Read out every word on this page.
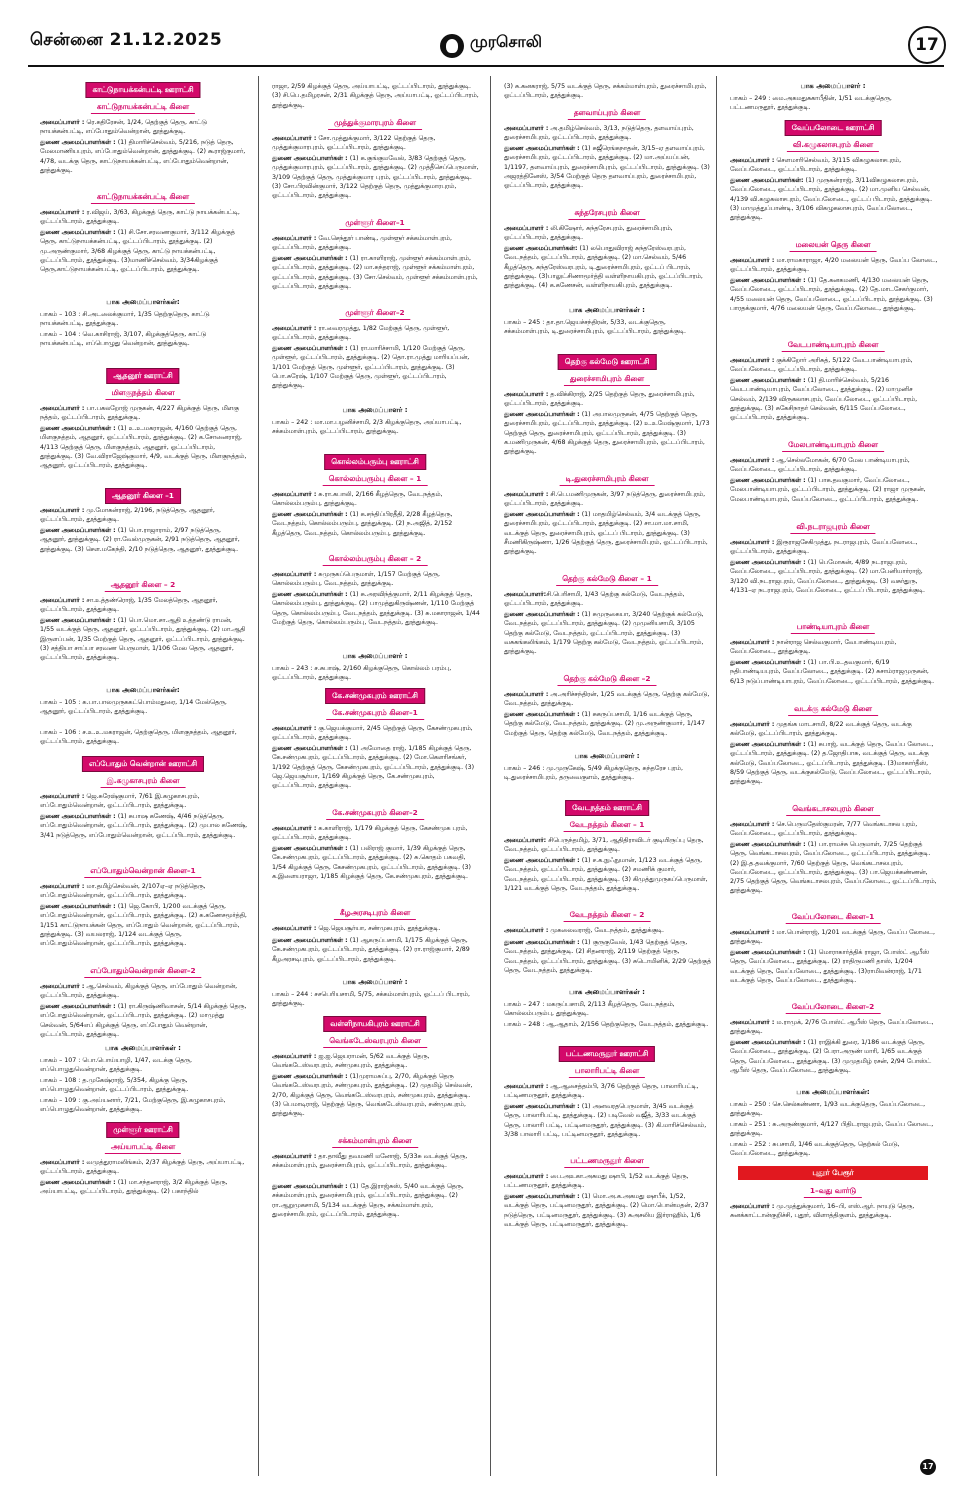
சென்னை 21.12.2025	முரசொலி	17
காட்டுநாயக்கன்பட்டி ஊராட்சி
காட்டுநாயக்கன்பட்டி கிளை
அமைப்பாளர் : ரெ.கதிரேசன், 1/24, தெற்குத் தெரு, காட்டு நாயக்கன்பட்டி, எப்போதும்வென்றான், தூத்துக்குடி.
துணை அமைப்பாளர்கள் : (1) திமாரிச்செல்வம், 5/216, நடுத் தெரு, மேலமாணியபுரம், எப்போதும்வென்றான், தூத்துக்குடி. (2) கூராஜ்குமார், 4/78, வடக்கு தெரு, காட்டுநாயக்கன்பட்டி, எப்போதும்வென்றான், தூத்துக்குடி.
காட்டுநாயக்கன்பட்டி கிளை
அமைப்பாளர் : ர.விஜய், 3/63, கிழக்குத் தெரு, காட்டு நாயக்கன்பட்டி, ஓட்டப்பிடாரம், தூத்துக்குடி.
துணை அமைப்பாளர்கள் : (1) சி.சோ.சரவணகுமார், 3/112 கிழக்குத் தெரு, காட்டுநாயக்கன்பட்டி, ஓட்டப்பிடாரம், தூத்துக்குடி. (2) மு.அருண்குமார், 3/68 கிழக்குத் தெரு, காட்டு நாயக்கன்பட்டி, ஓட்டப்பிடாரம், தூத்துக்குடி. (3)மாணிச்செல்வம், 3/34கிழக்குத் தெரு,காட்டுநாயக்கன்பட்டி, ஓட்டப்பிடாரம், தூத்துக்குடி.
பாக அமைப்பாளர்கள்:
பாகம் – 103 : சி.அடலைக்குமார், 1/35 தெற்குதெரு, காட்டு நாயக்கன்பட்டி, தூத்துக்குடி.
பாகம் – 104 : வெ.காசிராஜ், 3/107, கிழக்குத்தெரு, காட்டு நாயக்கன்பட்டி, எப்பொழுது வென்றான், தூத்துக்குடி.
ஆதனூர் ஊராட்சி
மிளகுநத்தம் கிளை
அமைப்பாளர் : பா.பகலறோஜ் முருகன், 4/227 கிழக்குத் தெரு, மிளகு நத்தம், ஓட்டப்பிடாரம், தூத்துக்குடி.
துணை அமைப்பாளர்கள் : (1) உ.உ.மகராஜன், 4/160 தெற்குத் தெரு, மிளகுநத்தம், ஆதனூர், ஓட்டப்பிடாரம், தூத்துக்குடி. (2) க.சோனைராஜ், 4/113 தெற்குத் தெரு, மிளகுநத்தம், ஆதனூர், ஓட்டப்பிடாரம், தூத்துக்குடி. (3) வே.விராஜேஷ்குமார், 4/9, வடக்குத் தெரு, மிளகுநத்தம், ஆதனூர், ஓட்டப்பிடாரம், தூத்துக்குடி.
ஆதனூர் கிளை –1
அமைப்பாளர் : மு.மோகன்ராஜ், 2/196, நடுத்தெரு, ஆதனூர், ஓட்டப்பிடாரம், தூத்துக்குடி.
துணை அமைப்பாளர்கள் : (1) பொ.ராஜாராம், 2/97 நடுத்தெரு, ஆதனூர், தூத்துக்குடி. (2) ரா.வேல்முருகன், 2/91 நடுத்தெரு, ஆதனூர், தூத்துக்குடி. (3) சௌ.மகேந்தி, 2/10 நடுத்தெரு, ஆதனூர், தூத்துக்குடி.
ஆதனூர் கிளை – 2
அமைப்பாளர் : சா.உத்தண்ரொஜ், 1/35 மேலத்தெரு, ஆதனூர், ஓட்டப்பிடாரம், தூத்துக்குடி.
துணை அமைப்பாளர்கள் : (1) பொ.மொ.சா.ஆதி உத்தண்டு ராமன், 1/55 வடக்குத் தெரு, ஆதனூர், ஓட்டப்பிடாரம், தூத்துக்குடி. (2) மா.ஆதி இருளப்பன், 1/35 மேற்குத் தெரு, ஆதனூர், ஓட்டப்பிடாரம், தூத்துக்குடி. (3) சத்தியா சாப்பா சரவண பெருமாள், 1/106 மேல தெரு, ஆதனூர், ஓட்டப்பிடாரம், தூத்துக்குடி.
பாக அமைப்பாளர்கள்:
பாகம் – 105 : க.பா.பாலமுருககட்பொம்மதுரை, 1/14 மேல்தெரு, ஆதனூர், ஓட்டப்பிடாரம், தூத்துக்குடி.
பாகம் – 106 : ச.உ.உ.மகராஜன், தெற்குதெரு, மிளகுநத்தம், ஆதனூர், ஓட்டப்பிடாரம், தூத்துக்குடி.
எப்போதும் வென்றான் ஊராட்சி
இ.கழுகாசபுரம் கிளை
அமைப்பாளர் : ஜெ.சுரேஷ்குமார், 7/61 இ.கழுகாசபுரம், எப்போதும்வென்றான், ஓட்டப்பிடாரம், தூத்துக்குடி.
துணை அமைப்பாளர்கள் : (1) சுபாஷ கணேஷ், 4/46 நடுத்தெரு, எப்போதும்வென்றான், ஓட்டப்பிடாரம், தூத்துக்குடி. (2) முபால கணேஷ், 3/41 நடுத்தெரு, எப்போதும்வென்றான், ஓட்டப்பிடாரம், தூத்துக்குடி.
எப்போதும்வென்றான் கிளை–1
அமைப்பாளர் : மா.தமிழ்செல்வன், 2/107ஏ–ஏ நடுத்தெரு, எப்போதும்வென்றான், ஓட்டப்பிடாரம், தூத்துக்குடி.
துணை அமைப்பாளர்கள் : (1) ஜெ.கோபி, 1/200 வடக்குத் தெரு, எப்போதும்வென்றான், ஓட்டப்பிடாரம், தூத்துக்குடி. (2) க.கணேசமூர்த்தி, 1/151 காட்டுநாயக்கன் தெரு, எப்போதும் வென்றான், ஓட்டப்பிடாரம், தூத்துக்குடி. (3) வயலராஜ், 1/124 வடக்குத் தெரு, எப்போதும்வென்றான், ஓட்டப்பிடாரம், தூத்துக்குடி.
எப்போதும்வென்றான் கிளை–2
அமைப்பாளர் : ஆ.செல்வம், கிழக்குத் தெரு, எப்போதும் வென்றான், ஓட்டப்பிடாரம், தூத்துக்குடி.
துணை அமைப்பாளர்கள் : (1) ரா.கிருஷ்ணிவாசன், 5/14 கிழக்குத் தெரு, எப்போதும்வென்றான், ஓட்டப்பிடாரம், தூத்துக்குடி. (2) மாமுத்து செல்வன், 5/64எப் கிழக்குத் தெரு, எப்போதும் வென்றான், ஓட்டப்பிடாரம், தூத்துக்குடி.
பாக அமைப்பாளர்கள் :
பாகம் – 107 : பொ.பொய்யாழி, 1/47, வடக்கு தெரு, எப்பொழுதுவென்றான், தூத்துக்குடி.
பாகம் – 108 : த.முகேஷ்ராஜ், 5/354, கிழக்கு தெரு, எப்பொழுதுவென்றான், ஓட்டப்பிடாரம், தூத்துக்குடி.
பாகம் – 109 : கு.அய்யனார், 7/21, மேற்குதெரு, இ.கழுகாசபுரம், எப்பொழுதுவென்றான், தூத்துக்குடி.
முள்ளூர் ஊராட்சி
அய்யாபட்டி கிளை
அமைப்பாளர் : வமுத்துராமலிங்கம், 2/37 கிழக்குத் தெரு, அய்யாபட்டி, ஓட்டப்பிடாரம், தூத்துக்குடி.
துணை அமைப்பாளர்கள் : (1) மா.சந்தனராஜ், 3/2 கிழக்குத் தெரு, அய்யாபட்டி, ஓட்டப்பிடாரம், தூத்துக்குடி. (2) பகாந்தில்
ராஜா, 2/59 கிழக்குத் தெரு, அய்யாபட்டி, ஓட்டப்பிடாரம், தூத்துக்குடி. (3) சி.பெ.தமிழரசன், 2/31 கிழக்குத் தெரு, அய்யாபட்டி, ஓட்டப்பிடாரம், தூத்துக்குடி.
முத்துக்குமாரபுரம் கிளை
அமைப்பாளர் : சோ.முத்துக்குமார், 3/122 தெற்குத் தெரு, முத்துக்குமாரபுரம், ஓட்டப்பிடாரம், தூத்துக்குடி.
துணை அமைப்பாளர்கள் : (1) க.குங்குமவேல், 3/83 தெற்குத் தெரு, முத்துக்குமாரபுரம், ஓட்டப்பிடாரம், தூத்துக்குடி. (2) முத்தீசெப்பெருமாள், 3/109 தெற்குத் தெரு, முத்துக்குமார புரம், ஓட்டப்பிடாரம், தூத்துக்குடி. (3) சோ.பிரவின்குமார், 3/122 தெற்குத் தெரு, முத்துக்குமாரபுரம், ஓட்டப்பிடாரம், தூத்துக்குடி.
முள்ளூர் கிளை–1
அமைப்பாளர் : வே.செந்தூர் பாண்டி, முள்ளூர் சக்கம்மாள்புரம், ஓட்டப்பிடாரம், தூத்துக்குடி.
துணை அமைப்பாளர்கள் : (1) ரா.காளிராஜ், முள்ளூர் சக்கம்மாள்புரம், ஓட்டப்பிடாரம், தூத்துக்குடி. (2) மா.சுந்தராஜ், முள்ளூர் சக்கம்மாள்புரம், ஓட்டப்பிடாரம், தூத்துக்குடி. (3) சோ.செல்வம், முள்ளூர் சக்கம்மாள்புரம், ஓட்டப்பிடாரம், தூத்துக்குடி.
முள்ளூர் கிளை–2
அமைப்பாளர் : ரா.வைரமுத்து, 1/82 மேற்குத் தெரு, முள்ளூர், ஓட்டப்பிடாரம், தூத்துக்குடி.
துணை அமைப்பாளர்கள் : (1) ரா.மாரிச்சாமி, 1/120 மேற்குத் தெரு, முள்ளூர், ஓட்டப்பிடாரம், தூத்துக்குடி. (2) தொ.ரா.முத்து மாரியப்பன், 1/101 மேற்குத் தெரு, முள்ளூர், ஓட்டப்பிடாரம், தூத்துக்குடி. (3) பொ.சுரேஷ், 1/107 மேற்குத் தெரு, முள்ளூர், ஓட்டப்பிடாரம், தூத்துக்குடி.
பாக அமைப்பாளர் :
பாகம் – 242 : மா.மா.பழனிச்சாமி, 2/3 கிழக்குதெரு, அய்யாபட்டி, சக்கம்மாள்புரம், ஓட்டப்பிடாரம், தூத்துக்குடி.
கொல்லம்பரும்பு ஊராட்சி
கொல்லம்பரும்பு கிளை – 1
அமைப்பாளர் : சு.ரா.கபாலி, 2/166 கீழத்தெரு, வேடநத்தம், கொல்லம்பரும்பு, தூத்துக்குடி.
துணை அமைப்பாளர்கள் : (1) க.சந்திப்பிரதீதி, 2/28 கீழத்தெரு, வேடநத்தம், கொல்லம்பரும்பு, தூத்துக்குடி. (2) ந.அஜித், 2/152 கீழத்தெரு, வேடநத்தம், கொல்லம்பரும்பு, தூத்துக்குடி.
கொல்லம்பரும்பு கிளை – 2
அமைப்பாளர் : சுமுருகப்பெருமாள், 1/157 மேற்குத் தெரு, கொல்லம்பரும்பு, வேடநத்தம், தூத்துக்குடி.
துணை அமைப்பாளர்கள் : (1) சு.அரவிந்த்குமார், 2/11 கிழக்குத் தெரு, கொல்லம்பரும்பு, தூத்துக்குடி. (2) பாமுத்துகிருஷ்ணன், 1/110 மேற்குத் தெரு, கொல்லம்பரும்பு, வேடநத்தம், தூத்துக்குடி. (3) சு.மகாராஜன், 1/44 மேற்குத் தெரு, கொல்லம்பரும்பு, வேடநத்தம், தூத்துக்குடி.
பாக அமைப்பாளர் :
பாகம் – 243 : ச.சுபாஷ், 2/160 கிழக்குதெரு, கொல்லம் பரம்பு, ஓட்டப்பிடாரம், தூத்துக்குடி.
கே.சண்முகபுரம் ஊராட்சி
கே.சண்முகபுரம் கிளை–1
அமைப்பாளர் : கு.ஜெயக்குமார், 2/45 தெற்குத் தெரு, கேசண்முகபுரம், ஓட்டப்பிடாரம், தூத்துக்குடி.
துணை அமைப்பாளர்கள் : (1) அமோதை ராஜ், 1/185 கிழக்குத் தெரு, கே.சண்முகபுரம், ஓட்டப்பிடாரம், தூத்துக்குடி. (2) மோ.கௌரிசங்கர், 1/192 தெற்குத் தெரு, கேசண்முகபுரம், ஓட்டப்பிடாரம், தூத்துக்குடி. (3) ஜெ.ஜெயசூர்யா, 1/169 கிழக்குத் தெரு, கே.சண்முகபுரம், ஓட்டப்பிடாரம், தூத்துக்குடி.
கே.சண்முகபுரம் கிளை–2
அமைப்பாளர் : க.காளிராஜ், 1/179 கிழக்குத் தெரு, கேசண்முக புரம், ஓட்டப்பிடாரம், தூத்துக்குடி.
துணை அமைப்பாளர்கள் : (1) பலிராஜ் குமார், 1/39 கிழக்குத் தெரு, கே.சண்முகபுரம், ஓட்டப்பிடாரம், தூத்துக்குடி. (2) சு.கொதம் பகவதி, 1/54 கிழக்குத் தெரு, கேசண்முகபுரம், ஓட்டப்பிடாரம், தூத்துக்குடி. (3) க.இளையராஜா, 1/185 கிழக்குத் தெரு, கே.சண்முகபுரம், தூத்துக்குடி.
கீழஅரசடிபுரம் கிளை
அமைப்பாளர் : ஜெ.ஜெயசூர்யா, சண்முகபுரம், தூத்துக்குடி.
துணை அமைப்பாளர்கள் : (1) ஆகருப்பசாமி, 1/175 கிழக்குத் தெரு, கே.சண்முகபுரம், ஓட்டப்பிடாரம், தூத்துக்குடி. (2) ரா.ராஜ்குமார், 2/89 கீழஅரசடிபுரம், ஓட்டப்பிடாரம், தூத்துக்குடி.
பாக அமைப்பாளர் :
பாகம் – 244 : சசபெரியசாமி, 5/75, சக்கம்மாள்புரம், ஓட்டப் பிடாரம், தூத்துக்குடி.
வள்ளிநாயகிபுரம் ஊராட்சி
வெங்கடேஸ்வரபுரம் கிளை
அமைப்பாளர் : ஐ.ஐ.ஜெயராமன், 5/62 வடக்குத் தெரு, வெங்கடேஸ்வரபுரம், சண்முகபுரம், தூத்துக்குடி.
துணை அமைப்பாளர்கள் : (1)முராமசுப்பு, 2/70, கிழக்குத் தெரு வெங்கடேஸ்வரபுரம், சண்முகபுரம், தூத்துக்குடி. (2) முதமிழ் செல்வன், 2/70, கிழக்குத் தெரு, வெங்கடேஸ்வரபுரம், சண்முகபுரம், தூத்துக்குடி. (3) பெமாடிராஜ், தெற்குத் தெரு, வெங்கடேஸ்வரபுரம், சண்முகபுரம், தூத்துக்குடி.
சக்கம்மாள்புரம் கிளை
அமைப்பாளர் : தா.தாவீது தவமணி மனோஜ், 5/33சு வடக்குத் தெரு, சக்கம்மாள்புரம், துரைச்சாமிபுரம், ஓட்டப்பிடாரம், தூத்துக்குடி.
துணை அமைப்பாளர்கள் : (1) தே.இராஜ்சுஸ், 5/40 வடக்குத் தெரு, சக்கம்மாள்புரம், துரைச்சாமிபுரம், ஓட்டப்பிடாரம், தூத்துக்குடி. (2) ரா.ஆறுமுகசாமி, 5/134 வடக்குத் தெரு, சக்கம்மாள்புரம், துரைச்சாமிபுரம், ஓட்டப்பிடாரம், தூத்துக்குடி.
(3) சு.கனகராஜ், 5/75 வடக்குத் தெரு, சக்கம்மாள்புரம், துரைச்சாமிபுரம், ஓட்டப்பிடாரம், தூத்துக்குடி.
தளவாய்புரம் கிளை
அமைப்பாளர் : அ.தமிழ்செல்வம், 3/13, நடுத்தெரு, தளவாய்புரம், துரைச்சாமிபுரம், ஓட்டப்பிடாரம், தூத்துக்குடி.
துணை அமைப்பாளர்கள் : (1) சுஜீரெங்கநாதன், 3/15–ஏ தளவாய்புரம், துரைச்சாமிபுரம், ஓட்டப்பிடாரம், தூத்துக்குடி. (2) மா.அய்யப்பன், 1/1197, தளவாய்புரம், துரைச்சாமிபுரம், ஓட்டப்பிடாரம், தூத்துக்குடி. (3) அஜரத்தினேஸ், 3/54 மேற்குத் தெரு தளவாய்புரம், துரைச்சாமிபுரம், ஓட்டப்பிடாரம், தூத்துக்குடி.
சுந்தரேசபுரம் கிளை
அமைப்பாளர் : லி.கிஷோர், சுந்தரேசபுரம், துரைச்சாமிபுரம், ஓட்டப்பிடாரம், தூத்துக்குடி.
துணை அமைப்பாளர்கள்: (1) லபொதுவிராஜ் சுந்தரேஸ்வரபுரம், வேடநத்தம், ஓட்டப்பிடாரம், தூத்துக்குடி. (2) மா.செல்வம், 5/46 கீழத்தெரு, சுந்தரேஸ்வரபுரம், டி.துரைச்சாமிபுரம், ஓட்டப் பிடாரம், தூத்துக்குடி. (3)பாலுட்சிணாமூர்த்தி வள்ளிநாயகிபுரம், ஓட்டப்பிடாரம், தூத்துக்குடி. (4) க.கணேசன், வள்ளிநாயகிபுரம், தூத்துக்குடி.
பாக அமைப்பாளர்கள் :
பாகம் – 245 : தா.தா.ஜெயச்சந்திரன், 5/33, வடக்குதெரு, சக்கம்மாள்புரம், டி.துரைச்சாமிபுரம், ஓட்டப்பிடாரம், தூத்துக்குடி.
தெற்கு கல்மேடு ஊராட்சி
துரைச்சாமிபுரம் கிளை
அமைப்பாளர் : த.விக்கிராஜ், 2/25 தெற்குத் தெரு, துரைச்சாமிபுரம், ஓட்டப்பிடாரம், தூத்துக்குடி.
துணை அமைப்பாளர்கள் : (1) அபாலமுருகன், 4/75 தெற்குத் தெரு, துரைச்சாமிபுரம், ஓட்டப்பிடாரம், தூத்துக்குடி. (2) உ.உமேஷ்குமார், 1/73 தெற்குத் தெரு, துரைச்சாமிபுரம், ஓட்டப்பிடாரம், தூத்துக்குடி. (3) க.மணிமுருகன், 4/68 கிழக்குத் தெரு, துரைச்சாமிபுரம், ஓட்டப்பிடாரம், தூத்துக்குடி.
டி.துரைச்சாமிபுரம் கிளை
அமைப்பாளர் : சி.பெ.மணிமுருகன், 3/97 நடுத்தெரு, துரைச்சாமிபுரம், ஓட்டப்பிடாரம், தூத்துக்குடி.
துணை அமைப்பாளர்கள் : (1) மாதமிழ்செல்வம், 3/4 வடக்குத் தெரு, துரைச்சாமிபுரம், ஓட்டப்பிடாரம், தூத்துக்குடி. (2) சா.மா.மா.சாமி, வடக்குத் தெரு, துரைச்சாமிபுரம், ஓட்டப் பிடாரம், தூத்துக்குடி. (3) சீமணிகிருஷ்ணா, 1/26 தெற்குத் தெரு, துரைச்சாமிபுரம், ஓட்டப்பிடாரம், தூத்துக்குடி.
தெற்கு கல்மேடு கிளை – 1
அமைப்பாளர்:சி.பெரிசாமி, 1/43 தெற்கு கல்மேடு, வேடநத்தம், ஓட்டப்பிடாரம், தூத்துக்குடி.
துணை அமைப்பாளர்கள் : (1) சுமுருகையா, 3/240 தெற்குக் கல்மேடு, வேடநத்தம், ஓட்டப்பிடாரம், தூத்துக்குடி. (2) முமுனியசாமி, 3/105 தெற்கு கல்மேடு, வேடநத்தம், ஓட்டப்பிடாரம், தூத்துக்குடி. (3) வசுகங்கலிங்கம், 1/179 தெற்கு கல்மேடு, வேடநத்தம், ஓட்டப்பிடாரம், தூத்துக்குடி.
தெற்கு கல்மேடு கிளை –2
அமைப்பாளர் : அ.அரிச்சந்திரன், 1/25 வடக்குத் தெரு, தெற்கு கல்மேடு, வேடநத்தம், தூத்துக்குடி.
துணை அமைப்பாளர்கள் : (1) சுகருப்பசாமி, 1/16 வடக்குத் தெரு, தெற்கு கல்மேடு, வேடநத்தம், தூத்துக்குடி. (2) மு.அருண்குமார், 1/147 மேற்குத் தெரு, தெற்கு கல்மேடு, வேடநத்தம், தூத்துக்குடி.
பாக அமைப்பாளர் :
பாகம் – 246 : மு.முருகேஷ், 5/49 கிழக்குதெரு, சுந்தரேச புரம், டி.துரைச்சாமிபுரம், தருவைகுளம், தூத்துக்குடி.
வேடநத்தம் ஊராட்சி
வேடநத்தம் கிளை – 1
அமைப்பாளர்: சிபெருந்தமிழ், 3/71, ஆதிதிராவிடர் குடியிருப்பு தெரு, வேடநத்தம், ஓட்டப்பிடாரம், தூத்துக்குடி.
துணை அமைப்பாளர்கள் : (1) ச.க.நுஃநுமான், 1/123 வடக்குத் தெரு, வேடநத்தம், ஓட்டப்பிடாரம், தூத்துக்குடி. (2) சமணிக் குமார், வேடநத்தம், ஓட்டப்பிடாரம், தூத்துக்குடி. (3) கிமுத்துமுருகப்பெருமாள், 1/121 வடக்குத் தெரு, வேடநத்தம், தூத்துக்குடி.
வேடநத்தம் கிளை – 2
அமைப்பாளர் : முகலைவராஜ், வேடநத்தம், தூத்துக்குடி.
துணை அமைப்பாளர்கள் : (1) குருகுவேல், 1/43 தெற்குத் தெரு, வேடநத்தம், தூத்துக்குடி. (2) சிதனராஜ், 2/119 தெற்குத் தெரு, வேடநத்தம், ஓட்டப்பிடாரம், தூத்துக்குடி. (3) சுடொமினிக், 2/29 தெற்குத் தெரு, வேடநத்தம், தூத்துக்குடி.
பாக அமைப்பாளர்கள் :
பாகம் – 247 : மகருப்பசாமி, 2/113 கீழத்தெரு, வேடநத்தம், கொல்லம்பரும்பு, தூத்துக்குடி.
பாகம் – 248 : ஆ.ஆதாம், 2/156 தெற்குதெரு, வேடநத்தம், தூத்துக்குடி.
பட்டணமருதூர் ஊராட்சி
பாலாரிபட்டி கிளை
அமைப்பாளர் : ஆ.ஆசைத்தம்பி, 3/76 தெற்குத் தெரு, பாலாரிபட்டி, பட்டிணமருதூர், தூத்துக்குடி.
துணை அமைப்பாளர்கள் : (1) அனவரதபெருமாள், 3/45 வடக்குத் தெரு, பாலாரிபட்டி, தூத்துக்குடி. (2) படிவேல் வஜீத், 3/33 வடக்குத் தெரு, பாலாரி பட்டி, பட்டினமருதூர், தூத்துக்குடி. (3) கி.மாரிச்செல்வம், 3/38 பாலாரி பட்டி, பட்டினமருதூர், தூத்துக்குடி.
பட்டணமருதூர் கிளை
அமைப்பாளர் : பை.அஉகா.அசுமது ஷாபி, 1/52 வடக்குத் தெரு, பட்டணமருதூர், தூத்துக்குடி.
துணை அமைப்பாளர்கள் : (1) மொ.அ.க.அகமது ஷாபீக், 1/52, வடக்குத் தெரு, பட்டினமருதூர், தூத்துக்குடி. (2) மொ.பொன்மதன், 2/37 நடுத்தெரு, பட்டினமருதூர், தூத்துக்குடி. (3) சுஅசலிய இர்ராஹிம், 1/6 வடக்குத் தெரு, பட்டினமருதூர், தூத்துக்குடி.
பாக அமைப்பாளர் :
பாகம் – 249 : மை.அகமதுசுகாபீதின், 1/51 வடக்குதெரு, பட்டணமருதூர், தூத்துக்குடி.
வேப்பலோடை ஊராட்சி
வி.கழுகலாசபுரம் கிளை
அமைப்பாளர் : சௌமாரிசெல்வம், 3/115 விகழுகலாசபுரம், வேப்பலோடை, ஓட்டப்பிடாரம், தூத்துக்குடி.
துணை அமைப்பாளர்கள்: (1) முருகன்ராஜ், 3/11விகழுகலாசபுரம், வேப்பலோடை, ஓட்டப்பிடாரம், தூத்துக்குடி. (2) மா.முனிய செல்வன், 4/139 வி.கழுகலாசபுரம், வேப்பலோடை, ஓட்டப் பிடாரம், தூத்துக்குடி. (3) மாமுத்துப்பாண்டி, 3/106 விகழுகலாசபுரம், வேப்பலோடை, தூத்துக்குடி.
மலையன் தெரு கிளை
அமைப்பாளர் : மா.ராமகாராஜா, 4/20 மலையன் தெரு, வேப்ப லோடை, ஓட்டப்பிடாரம், தூத்துக்குடி.
துணை அமைப்பாளர்கள் : (1) தே.கனகமணி, 4/130 மலையன் தெரு, வேப்பலோடை, ஓட்டப்பிடாரம், தூத்துக்குடி. (2) தே.மாடசேகர்குமார், 4/55 மலையன் தெரு, வேப்பலோடை, ஓட்டப்பிடாரம், தூத்துக்குடி. (3) பாரதக்குமார், 4/76 மலையன் தெரு, வேப்பலோடை, தூத்துக்குடி.
வேடபாண்டியாபுரம் கிளை
அமைப்பாளர் : குக்கிறோர் அரிசுத், 5/122 வேடபாண்டியாபுரம், வேப்பலோடை, ஓட்டப்பிடாரம், தூத்துக்குடி.
துணை அமைப்பாளர்கள் : (1) தி.மாரிச்செல்வம், 5/216 வெடபாண்டியாபுரம், வேப்பலோடை, தூத்துக்குடி. (2) மாமுனிச செல்வம், 2/139 விருகலாசபுரம், வேப்பலோடை, ஓட்டப்பிடாரம், தூத்துக்குடி. (3) சுகேசிநாதர் செல்வன், 6/115 வேப்பலோடை, ஓட்டப்பிடாரம், தூத்துக்குடி.
மேலபாண்டியாபுரம் கிளை
அமைப்பாளர் : ஆ.செல்லமோகன், 6/70 மேல பாண்டியாபுரம், வேப்பலோடை, ஓட்டப்பிடாரம், தூத்துக்குடி.
துணை அமைப்பாளர்கள் : (1) பாக.தவகுமார், வேப்பலோடை, மேலபாண்டியாபுரம், ஓட்டப்பிடாரம், தூத்துக்குடி. (2) ராஜா முருகன், மேலபாண்டியாபுரம், வேப்பலோடை, ஓட்டப்பிடாரம், தூத்துக்குடி.
வி.நடராஜபுரம் கிளை
அமைப்பாளர் : இரூராஜசேகிமுத்து, நடராஜபுரம், வேப்பலோடை, ஓட்டப்பிடாரம், தூத்துக்குடி.
துணை அமைப்பாளர்கள் : (1) பெமோகன், 4/89 நடராஜபுரம், வேப்பலோடை, ஓட்டப்பிடாரம், தூத்துக்குடி. (2) மா.பேனியார்ராஜ், 3/120 வி.நடராஜபுரம், வேப்பலோடை, தூத்துக்குடி. (3) வசுர்துரு, 4/131–ஏ நடராஜபுரம், வேப்பலோடை, ஓட்டப் பிடாரம், தூத்துக்குடி.
பாண்டியாபுரம் கிளை
அமைப்பாளர் : நான்ராஜ செல்வகுமார், வேபாண்டியபுரம், வேப்பலோடை, தூத்துக்குடி.
துணை அமைப்பாளர்கள் : (1) பா.பி.உ.தவகுமார், 6/19 நதிபாண்டியபுரம், வேப்பலோடை, தூத்துக்குடி. (2) சுசாம்ராஜமுருகன், 6/13 நடுப்பாண்டியாபுரம், வேப்பலோடை, ஓட்டப்பிடாரம், தூத்துக்குடி.
வடக்கு கல்மேடு கிளை
அமைப்பாளர் : முதங்க மாடசாமி, 8/22 வடக்குத் தெரு, வடக்கு கல்மேடு, ஓட்டப்பிடாரம், தூத்துக்குடி.
துணை அமைப்பாளர்கள் : (1) சுபாஜ், வடக்குத் தெரு, வேப்ப லோடை, ஓட்டப்பிடாரம், தூத்துக்குடி. (2) த.ஜோதிபாசு, வடக்குத் தெரு, வடக்கு கல்மேடு, வேப்பலோடை, ஓட்டப்பிடாரம், தூத்துக்குடி. (3)மாகார்தீஸ், 8/59 தெற்குத் தெரு, வடக்குகல்மேடு, வேப்பலோடை, ஓட்டப்பிடாரம், தூத்துக்குடி.
வெங்கடாசலபுரம் கிளை
அமைப்பாளர் : செ.பெருமதேஸ்குமரன், 7/77 வெங்கடாசல புரம், வேப்பலோடை, ஓட்டப்பிடாரம், தூத்துக்குடி.
துணை அமைப்பாளர்கள் : (1) பா.ராமச்சு பெருமாள், 7/25 தெற்குத் தெரு, வெங்கடாசலபுரம், வேப்பலோடை, ஓட்டப்பிடாரம், தூத்துக்குடி. (2) இ.த.தவக்குமார், 7/60 தெற்குத் தெரு, வெங்கடாசலபுரம், வேப்பலோடை, ஓட்டப்பிடாரம், தூத்துக்குடி. (3) பா.ஜெயக்கண்ணன், 2/75 தெற்குத் தெரு, வெங்கடாசலபுரம், வேப்பலோடை, ஓட்டப்பிடாரம், தூத்துக்குடி.
வேப்பலோடை கிளை–1
அமைப்பாளர் : மா.பொன்ராஜ், 1/201 வடக்குத் தெரு, வேப்ப லோடை, தூத்துக்குடி.
துணை அமைப்பாளர்கள் : (1) மொராகார்த்திக் ராஜா, போஸ்ட் ஆபீஸ் தெரு, வேப்பலோடை, தூத்துக்குடி. (2) ராதிருமணி தாஸ், 1/204 வடக்குத் தெரு, வேப்பலோடை, தூத்துக்குடி. (3)ராமிவன்ராஜ், 1/71 வடக்குத் தெரு, வேப்பலோடை, தூத்துக்குடி.
வேப்பலோடை கிளை–2
அமைப்பாளர் : ம.ராமுக், 2/76 போஸ்ட் ஆபீஸ் தெரு, வேப்பலோடை, தூத்துக்குடி.
துணை அமைப்பாளர்கள் : (1) ராஇக்கி துரை, 1/186 வடக்குத் தெரு, வேப்பலோடை, தூத்துக்குடி. (2) பேரா.அருண் மாரி, 1/65 வடக்குத் தெரு, வேப்பலோடை, தூத்துக்குடி. (3) முமுதமிழ் ரசன், 2/94 போஸ்ட் ஆபீஸ் தெரு, வேப்பலோடை, தூத்துக்குடி.
பாக அமைப்பாளர்கள்:
பாகம் – 250 : செ.செல்கண்ணா, 1/93 வடக்குதெரு, வேப்பலோடை, தூத்துக்குடி.
பாகம் – 251 : சு.அருண்குமார், 4/127 பிதிடராஜபுரம், வேப்ப லோடை, தூத்துக்குடி.
பாகம் – 252 : சுபசாமி, 1/46 வடக்குத்தெரு, தெற்கல் மேடு, வேப்பலோடை, தூத்துக்குடி.
புதூர் பேரூர்
1–வது வார்டு
அமைப்பாளர் : மு.முத்துக்குமார், 16–பி, எஸ்.ஆர். நாயுடு தெரு, சுனக்காட்டான்குறிச்சி, புதூர், விளாத்திகுளம், தூத்துக்குடி.
17
